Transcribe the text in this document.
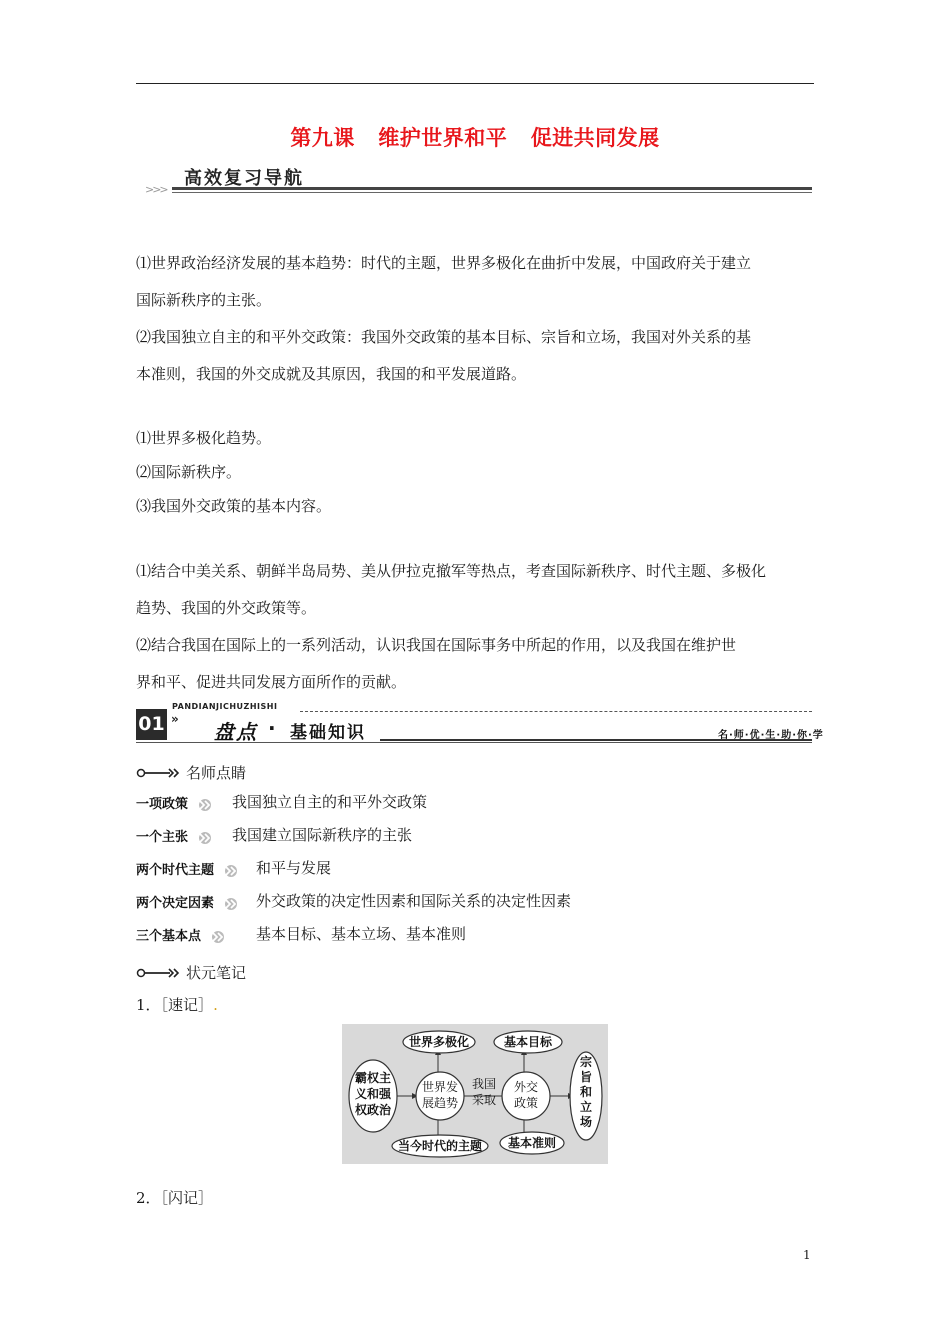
第九课 维护世界和平 促进共同发展
>>>
高效复习导航
⑴世界政治经济发展的基本趋势：时代的主题，世界多极化在曲折中发展，中国政府关于建立
国际新秩序的主张。
⑵我国独立自主的和平外交政策：我国外交政策的基本目标、宗旨和立场，我国对外关系的基
本准则，我国的外交成就及其原因，我国的和平发展道路。
⑴世界多极化趋势。
⑵国际新秩序。
⑶我国外交政策的基本内容。
⑴结合中美关系、朝鲜半岛局势、美从伊拉克撤军等热点，考查国际新秩序、时代主题、多极化
趋势、我国的外交政策等。
⑵结合我国在国际上的一系列活动，认识我国在国际事务中所起的作用，以及我国在维护世
界和平、促进共同发展方面所作的贡献。
PANDIANJICHUZHISHI
01 »
盘点 · 基础知识	名·师·优·生·助·你·学
名师点睛
一项政策	我国独立自主的和平外交政策
一个主张	我国建立国际新秩序的主张
两个时代主题	和平与发展
两个决定因素	外交政策的决定性因素和国际关系的决定性因素
三个基本点	基本目标、基本立场、基本准则
状元笔记
1．［速记］.
世界多极化	基本目标
霸权主
义和强
权政治
世界发
展趋势
我国
采取
外交
政策
宗
旨
和
立
场
当今时代的主题 基本准则
2．［闪记］
1
